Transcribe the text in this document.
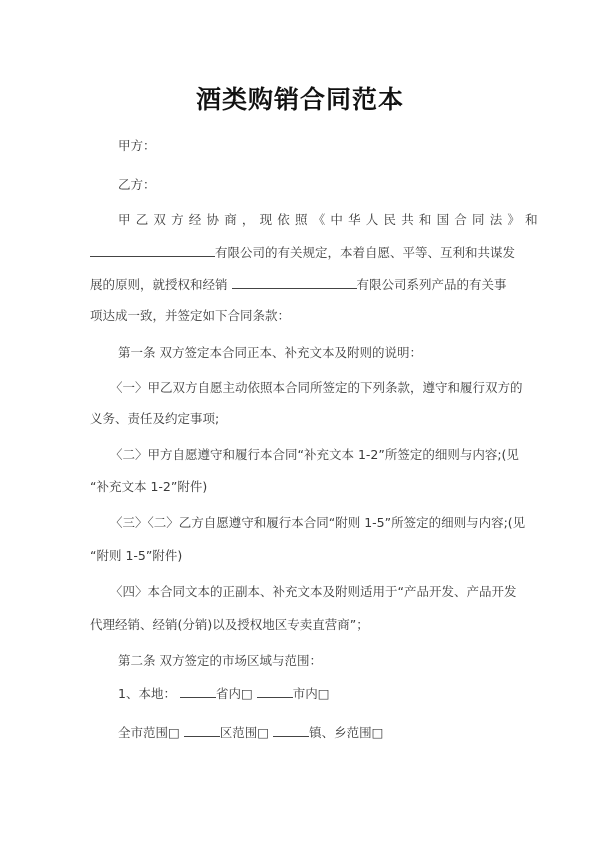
酒类购销合同范本
甲方：
乙方：
甲乙双方经协商，现依照《中华人民共和国合同法》和
有限公司的有关规定，本着自愿、平等、互利和共谋发
展的原则，就授权和经销	有限公司系列产品的有关事
项达成一致，并签定如下合同条款：
第一条 双方签定本合同正本、补充文本及附则的说明：
〈一〉甲乙双方自愿主动依照本合同所签定的下列条款，遵守和履行双方的
义务、责任及约定事项;
〈二〉甲方自愿遵守和履行本合同“补充文本 1-2”所签定的细则与内容;(见
“补充文本 1-2”附件)
〈三〉〈二〉乙方自愿遵守和履行本合同“附则 1-5”所签定的细则与内容;(见
“附则 1-5”附件)
〈四〉本合同文本的正副本、补充文本及附则适用于“产品开发、产品开发
代理经销、经销(分销)以及授权地区专卖直营商”；
第二条 双方签定的市场区域与范围：
1、本地：	省内□	市内□
全市范围□	区范围□	镇、乡范围□
